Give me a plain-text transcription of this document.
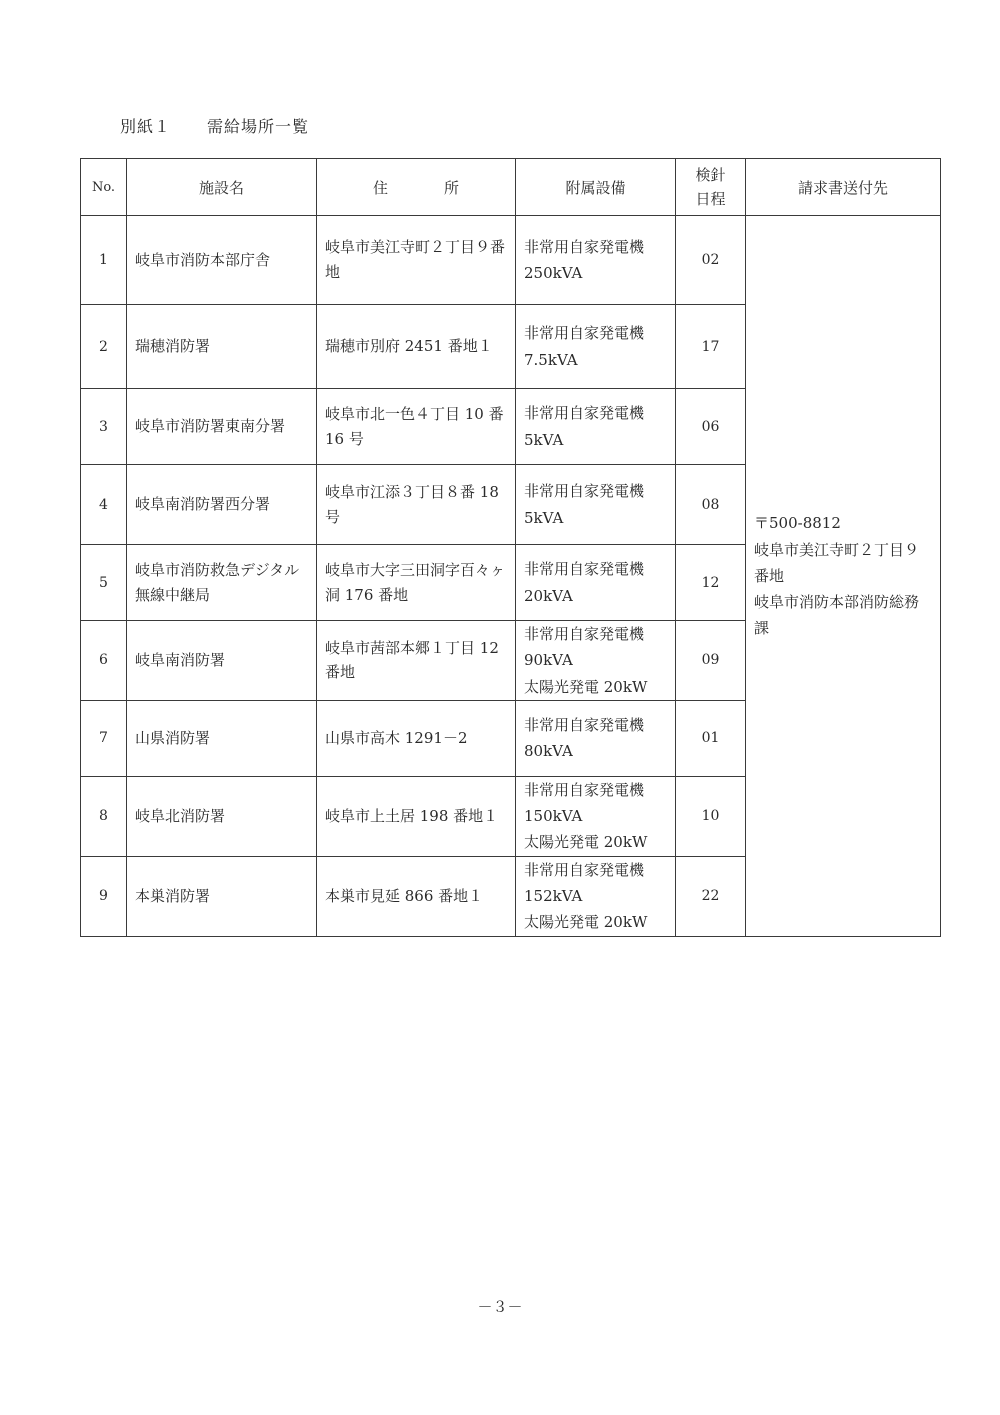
別紙１ 需給場所一覧
No.	施設名	住 所	附属設備	検針
日程	請求書送付先
1	岐阜市消防本部庁舎	岐阜市美江寺町２丁目９番地	非常用自家発電機
250kVA	02	〒500-8812
岐阜市美江寺町２丁目９番地
岐阜市消防本部消防総務課

2	瑞穂消防署	瑞穂市別府 2451 番地１	非常用自家発電機
7.5kVA	17	
3	岐阜市消防署東南分署	岐阜市北一色４丁目 10 番 16 号	非常用自家発電機
5kVA	06	
4	岐阜南消防署西分署	岐阜市江添３丁目８番 18 号	非常用自家発電機
5kVA	08	
5	岐阜市消防救急デジタル無線中継局	岐阜市大字三田洞字百々ヶ洞 176 番地	非常用自家発電機
20kVA	12	
6	岐阜南消防署	岐阜市茜部本郷１丁目 12 番地	非常用自家発電機
90kVA
太陽光発電 20kW	09	
7	山県消防署	山県市高木 1291－2	非常用自家発電機
80kVA	01	
8	岐阜北消防署	岐阜市上土居 198 番地１	非常用自家発電機
150kVA
太陽光発電 20kW	10	
9	本巣消防署	本巣市見延 866 番地１	非常用自家発電機
152kVA
太陽光発電 20kW	22	
－３－
